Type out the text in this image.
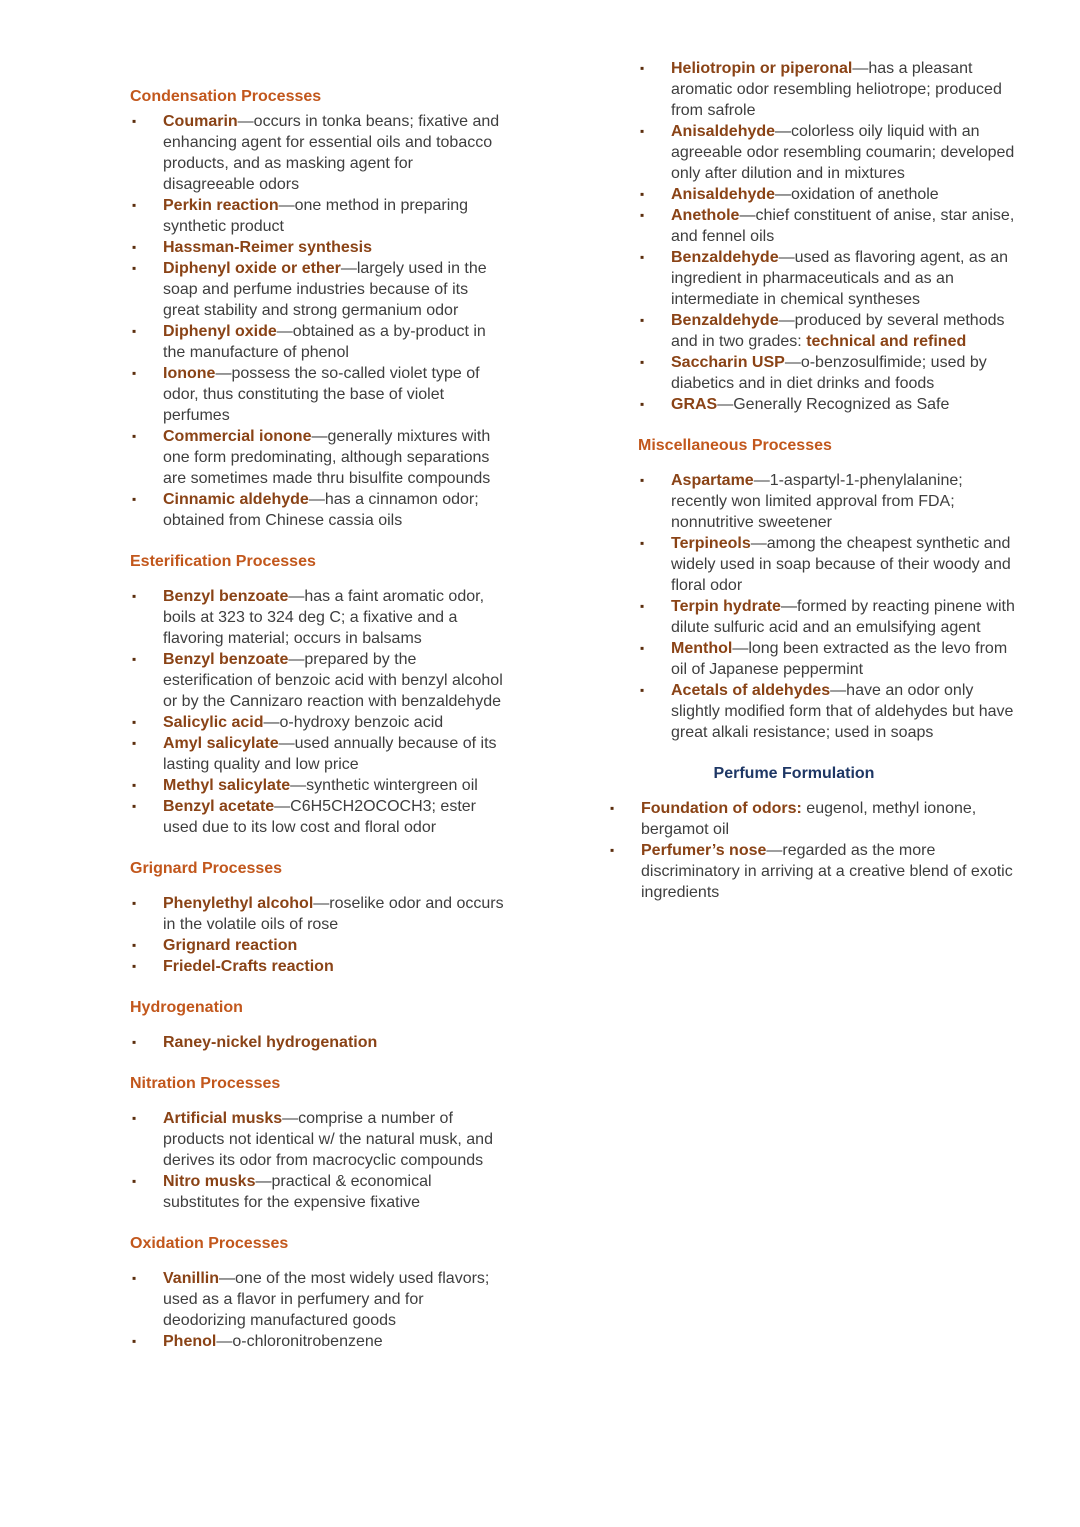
Condensation Processes
▪ Coumarin—occurs in tonka beans; fixative and enhancing agent for essential oils and tobacco products, and as masking agent for disagreeable odors
▪ Perkin reaction—one method in preparing synthetic product
▪ Hassman-Reimer synthesis
▪ Diphenyl oxide or ether—largely used in the soap and perfume industries because of its great stability and strong germanium odor
▪ Diphenyl oxide—obtained as a by-product in the manufacture of phenol
▪ Ionone—possess the so-called violet type of odor, thus constituting the base of violet perfumes
▪ Commercial ionone—generally mixtures with one form predominating, although separations are sometimes made thru bisulfite compounds
▪ Cinnamic aldehyde—has a cinnamon odor; obtained from Chinese cassia oils
Esterification Processes
▪ Benzyl benzoate—has a faint aromatic odor, boils at 323 to 324 deg C; a fixative and a flavoring material; occurs in balsams
▪ Benzyl benzoate—prepared by the esterification of benzoic acid with benzyl alcohol or by the Cannizaro reaction with benzaldehyde
▪ Salicylic acid—o-hydroxy benzoic acid
▪ Amyl salicylate—used annually because of its lasting quality and low price
▪ Methyl salicylate—synthetic wintergreen oil
▪ Benzyl acetate—C6H5CH2OCOCH3; ester used due to its low cost and floral odor
Grignard Processes
▪ Phenylethyl alcohol—roselike odor and occurs in the volatile oils of rose
▪ Grignard reaction
▪ Friedel-Crafts reaction
Hydrogenation
▪ Raney-nickel hydrogenation
Nitration Processes
▪ Artificial musks—comprise a number of products not identical w/ the natural musk, and derives its odor from macrocyclic compounds
▪ Nitro musks—practical & economical substitutes for the expensive fixative
Oxidation Processes
▪ Vanillin—one of the most widely used flavors; used as a flavor in perfumery and for deodorizing manufactured goods
▪ Phenol—o-chloronitrobenzene
▪ Heliotropin or piperonal—has a pleasant aromatic odor resembling heliotrope; produced from safrole
▪ Anisaldehyde—colorless oily liquid with an agreeable odor resembling coumarin; developed only after dilution and in mixtures
▪ Anisaldehyde—oxidation of anethole
▪ Anethole—chief constituent of anise, star anise, and fennel oils
▪ Benzaldehyde—used as flavoring agent, as an ingredient in pharmaceuticals and as an intermediate in chemical syntheses
▪ Benzaldehyde—produced by several methods and in two grades: technical and refined
▪ Saccharin USP—o-benzosulfimide; used by diabetics and in diet drinks and foods
▪ GRAS—Generally Recognized as Safe
Miscellaneous Processes
▪ Aspartame—1-aspartyl-1-phenylalanine; recently won limited approval from FDA; nonnutritive sweetener
▪ Terpineols—among the cheapest synthetic and widely used in soap because of their woody and floral odor
▪ Terpin hydrate—formed by reacting pinene with dilute sulfuric acid and an emulsifying agent
▪ Menthol—long been extracted as the levo from oil of Japanese peppermint
▪ Acetals of aldehydes—have an odor only slightly modified form that of aldehydes but have great alkali resistance; used in soaps
Perfume Formulation
▪ Foundation of odors: eugenol, methyl ionone, bergamot oil
▪ Perfumer’s nose—regarded as the more discriminatory in arriving at a creative blend of exotic ingredients
